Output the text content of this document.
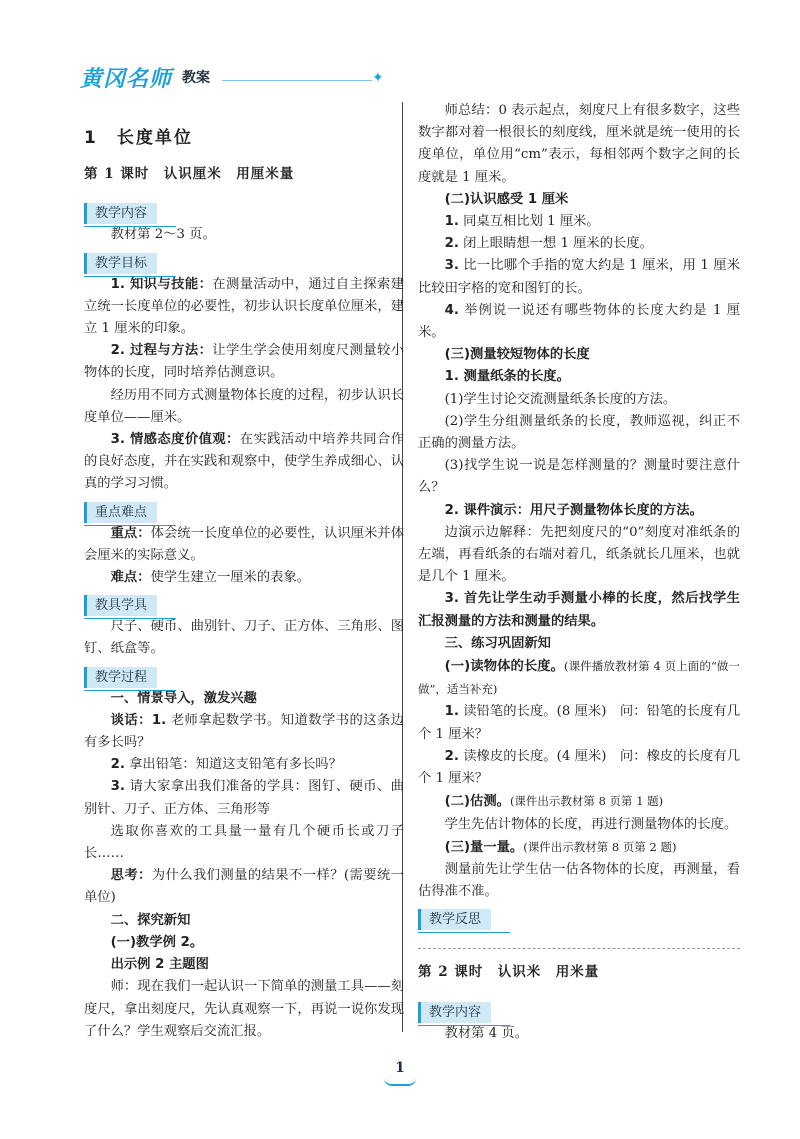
黄冈名师 教案	✦

1　长度单位

第 1 课时　认识厘米　用厘米量

教学内容

教材第 2～3 页。

教学目标

1. 知识与技能：在测量活动中，通过自主探索建立统一长度单位的必要性，初步认识长度单位厘米，建立 1 厘米的印象。

2. 过程与方法：让学生学会使用刻度尺测量较小物体的长度，同时培养估测意识。

经历用不同方式测量物体长度的过程，初步认识长度单位——厘米。

3. 情感态度价值观：在实践活动中培养共同合作的良好态度，并在实践和观察中，使学生养成细心、认真的学习习惯。

重点难点

重点：体会统一长度单位的必要性，认识厘米并体会厘米的实际意义。

难点：使学生建立一厘米的表象。

教具学具

尺子、硬币、曲别针、刀子、正方体、三角形、图钉、纸盒等。

教学过程

一、情景导入，激发兴趣

谈话：1. 老师拿起数学书。知道数学书的这条边有多长吗？

2. 拿出铅笔：知道这支铅笔有多长吗？

3. 请大家拿出我们准备的学具：图钉、硬币、曲别针、刀子、正方体、三角形等

选取你喜欢的工具量一量有几个硬币长或刀子长……

思考：为什么我们测量的结果不一样？(需要统一单位)

二、探究新知

(一)教学例 2。

出示例 2 主题图

师：现在我们一起认识一下简单的测量工具——刻度尺，拿出刻度尺，先认真观察一下，再说一说你发现了什么？学生观察后交流汇报。

师总结：0 表示起点，刻度尺上有很多数字，这些数字都对着一根很长的刻度线，厘米就是统一使用的长度单位，单位用“cm”表示，每相邻两个数字之间的长度就是 1 厘米。

(二)认识感受 1 厘米

1. 同桌互相比划 1 厘米。

2. 闭上眼睛想一想 1 厘米的长度。

3. 比一比哪个手指的宽大约是 1 厘米，用 1 厘米比较田字格的宽和图钉的长。

4. 举例说一说还有哪些物体的长度大约是 1 厘米。

(三)测量较短物体的长度

1. 测量纸条的长度。

(1)学生讨论交流测量纸条长度的方法。

(2)学生分组测量纸条的长度，教师巡视，纠正不正确的测量方法。

(3)找学生说一说是怎样测量的？测量时要注意什么？

2. 课件演示：用尺子测量物体长度的方法。

边演示边解释：先把刻度尺的“0”刻度对准纸条的左端，再看纸条的右端对着几，纸条就长几厘米，也就是几个 1 厘米。

3. 首先让学生动手测量小棒的长度，然后找学生汇报测量的方法和测量的结果。

三、练习巩固新知

(一)读物体的长度。(课件播放教材第 4 页上面的“做一做”，适当补充)

1. 读铅笔的长度。(8 厘米)　问：铅笔的长度有几个 1 厘米？

2. 读橡皮的长度。(4 厘米)　问：橡皮的长度有几个 1 厘米？

(二)估测。(课件出示教材第 8 页第 1 题)

学生先估计物体的长度，再进行测量物体的长度。

(三)量一量。(课件出示教材第 8 页第 2 题)

测量前先让学生估一估各物体的长度，再测量，看估得准不准。

教学反思

第 2 课时　认识米　用米量

教学内容

教材第 4 页。

1
